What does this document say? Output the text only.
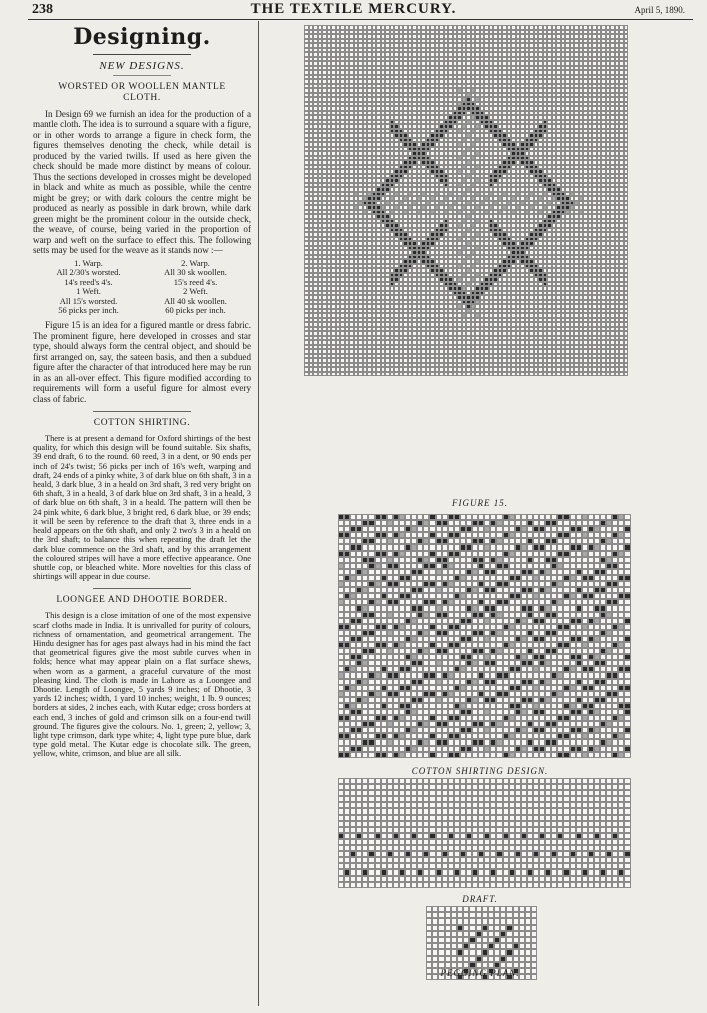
238	THE TEXTILE MERCURY.	April 5, 1890.
Designing.
NEW DESIGNS.
WORSTED OR WOOLLEN MANTLE CLOTH.

In Design 69 we furnish an idea for the production of a mantle cloth. The idea is to surround a square with a figure, or in other words to arrange a figure in check form, the figures themselves denoting the check, while detail is produced by the varied twills. If used as here given the check should be made more distinct by means of colour. Thus the sections developed in crosses might be developed in black and white as much as possible, while the centre might be grey; or with dark colours the centre might be produced as nearly as possible in dark brown, while dark green might be the prominent colour in the outside check, the weave, of course, being varied in the proportion of warp and weft on the surface to effect this. The following setts may be used for the weave as it stands now :—

1. Warp.
All 2/30's worsted.
14's reed's 4's.
1 Weft.
All 15's worsted.
56 picks per inch.
2. Warp.
All 30 sk woollen.
15's reed 4's.
2 Weft.
All 40 sk woollen.
60 picks per inch.

Figure 15 is an idea for a figured mantle or dress fabric. The prominent figure, here developed in crosses and star type, should always form the central object, and should be first arranged on, say, the sateen basis, and then a subdued figure after the character of that introduced here may be run in as an all-over effect. This figure modified according to requirements will form a useful figure for almost every class of fabric.

COTTON SHIRTING.

There is at present a demand for Oxford shirtings of the best quality, for which this design will be found suitable. Six shafts, 39 end draft, 6 to the round. 60 reed, 3 in a dent, or 90 ends per inch of 24's twist; 56 picks per inch of 16's weft, warping and draft, 24 ends of a pinky white, 3 of dark blue on 6th shaft, 3 in a heald, 3 dark blue, 3 in a heald on 3rd shaft, 3 red very bright on 6th shaft, 3 in a heald, 3 of dark blue on 3rd shaft, 3 in a heald, 3 of dark blue on 6th shaft, 3 in a heald. The pattern will then be 24 pink white, 6 dark blue, 3 bright red, 6 dark blue, or 39 ends; it will be seen by reference to the draft that 3, three ends in a heald appears on the 6th shaft, and only 2 two's 3 in a heald on the 3rd shaft; to balance this when repeating the draft let the dark blue commence on the 3rd shaft, and by this arrangement the coloured stripes will have a more effective appearance. One shuttle cop, or bleached white. More novelties for this class of shirtings will appear in due course.

LOONGEE AND DHOOTIE BORDER.

This design is a close imitation of one of the most expensive scarf cloths made in India. It is unrivalled for purity of colours, richness of ornamentation, and geometrical arrangement. The Hindu designer has for ages past always had in his mind the fact that geometrical figures give the most subtle curves when in folds; hence what may appear plain on a flat surface shews, when worn as a garment, a graceful curvature of the most pleasing kind. The cloth is made in Lahore as a Loongee and Dhootie. Length of Loongee, 5 yards 9 inches; of Dhootie, 3 yards 12 inches; width, 1 yard 10 inches; weight, 1 lb. 9 ounces; borders at sides, 2 inches each, with Kutar edge; cross borders at each end, 3 inches of gold and crimson silk on a four-end twill ground. The figures give the colours. No. 1, green; 2, yellow; 3, light type crimson, dark type white; 4, light type pure blue, dark type gold metal. The Kutar edge is chocolate silk. The green, yellow, white, crimson, and blue are all silk.

FIGURE 15.
COTTON SHIRTING DESIGN.
DRAFT.
PEGGING PLAN.
